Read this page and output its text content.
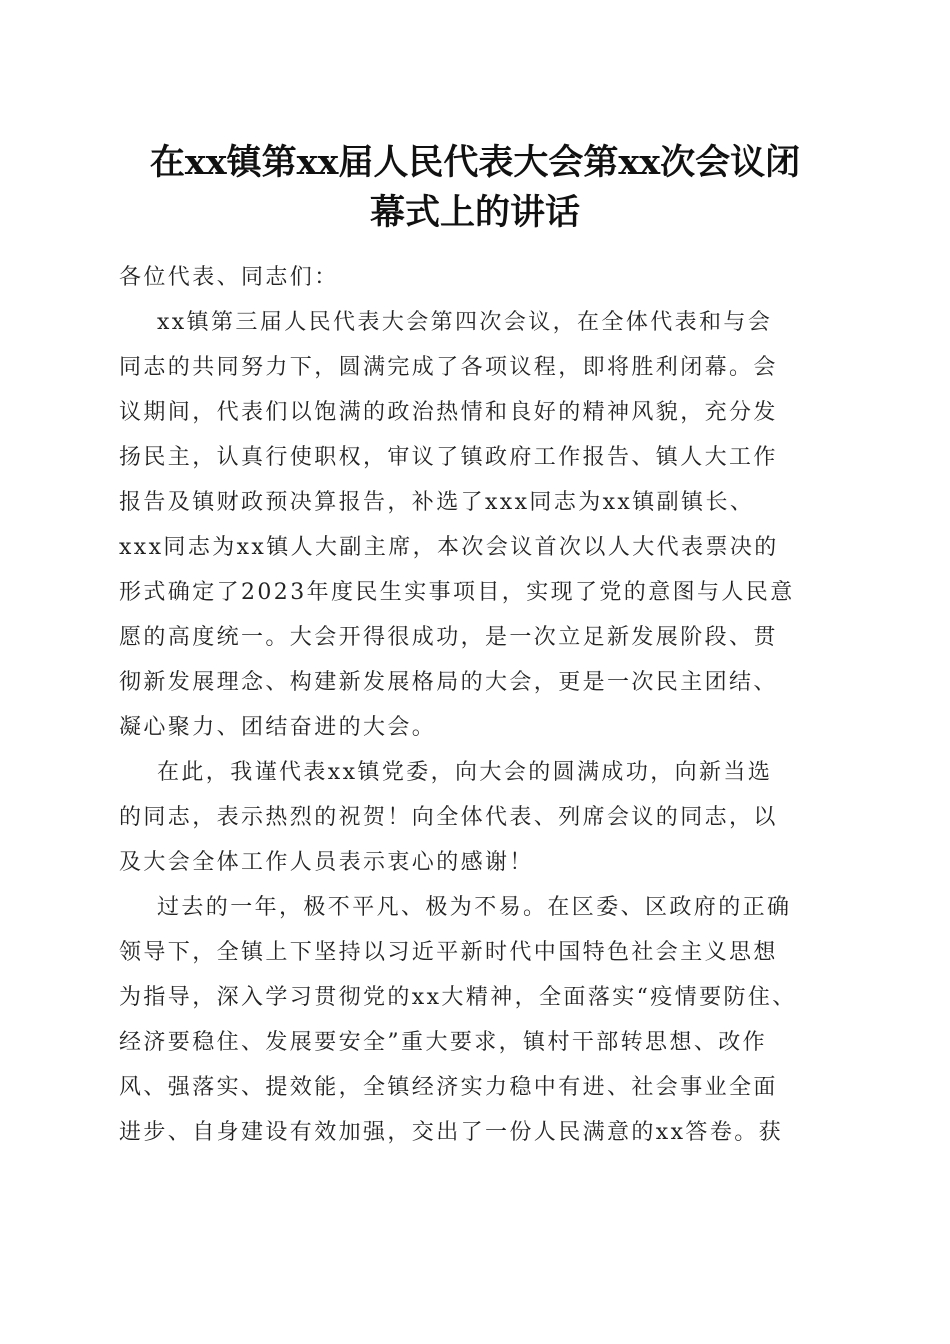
在xx镇第xx届人民代表大会第xx次会议闭
幕式上的讲话
各位代表、同志们：
xx镇第三届人民代表大会第四次会议，在全体代表和与会
同志的共同努力下，圆满完成了各项议程，即将胜利闭幕。会
议期间，代表们以饱满的政治热情和良好的精神风貌，充分发
扬民主，认真行使职权，审议了镇政府工作报告、镇人大工作
报告及镇财政预决算报告，补选了xxx同志为xx镇副镇长、
xxx同志为xx镇人大副主席，本次会议首次以人大代表票决的
形式确定了2023年度民生实事项目，实现了党的意图与人民意
愿的高度统一。大会开得很成功，是一次立足新发展阶段、贯
彻新发展理念、构建新发展格局的大会，更是一次民主团结、
凝心聚力、团结奋进的大会。
在此，我谨代表xx镇党委，向大会的圆满成功，向新当选
的同志，表示热烈的祝贺！向全体代表、列席会议的同志，以
及大会全体工作人员表示衷心的感谢！
过去的一年，极不平凡、极为不易。在区委、区政府的正确
领导下，全镇上下坚持以习近平新时代中国特色社会主义思想
为指导，深入学习贯彻党的xx大精神，全面落实“疫情要防住、
经济要稳住、发展要安全”重大要求，镇村干部转思想、改作
风、强落实、提效能，全镇经济实力稳中有进、社会事业全面
进步、自身建设有效加强，交出了一份人民满意的xx答卷。获
